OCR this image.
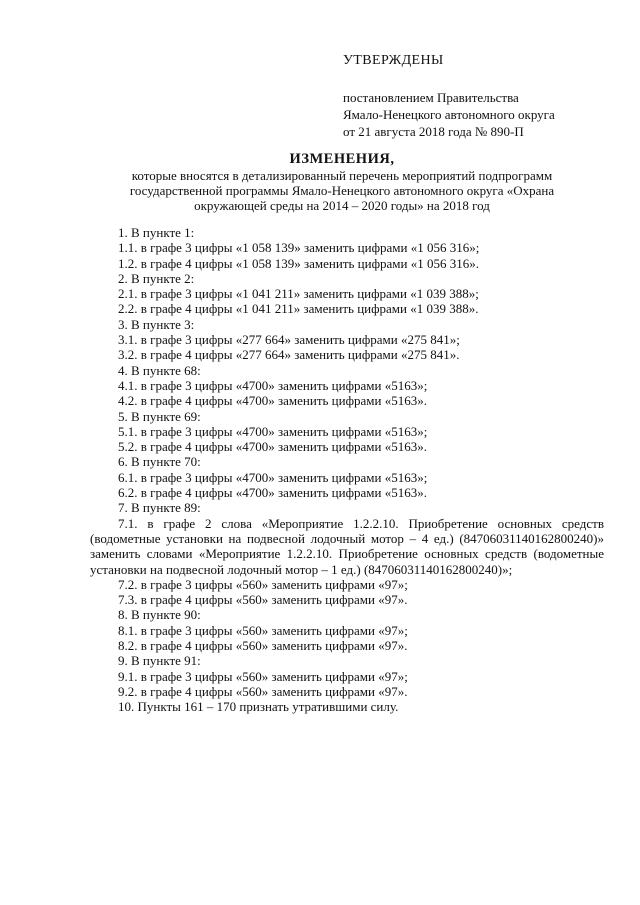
УТВЕРЖДЕНЫ
постановлением Правительства
Ямало-Ненецкого автономного округа
от 21 августа 2018 года № 890-П
ИЗМЕНЕНИЯ,
которые вносятся в детализированный перечень мероприятий подпрограмм
государственной программы Ямало-Ненецкого автономного округа «Охрана
окружающей среды на 2014 – 2020 годы» на 2018 год
1. В пункте 1:
1.1. в графе 3 цифры «1 058 139» заменить цифрами «1 056 316»;
1.2. в графе 4 цифры «1 058 139» заменить цифрами «1 056 316».
2. В пункте 2:
2.1. в графе 3 цифры «1 041 211» заменить цифрами «1 039 388»;
2.2. в графе 4 цифры «1 041 211» заменить цифрами «1 039 388».
3. В пункте 3:
3.1. в графе 3 цифры «277 664» заменить цифрами «275 841»;
3.2. в графе 4 цифры «277 664» заменить цифрами «275 841».
4. В пункте 68:
4.1. в графе 3 цифры «4700» заменить цифрами «5163»;
4.2. в графе 4 цифры «4700» заменить цифрами «5163».
5. В пункте 69:
5.1. в графе 3 цифры «4700» заменить цифрами «5163»;
5.2. в графе 4 цифры «4700» заменить цифрами «5163».
6. В пункте 70:
6.1. в графе 3 цифры «4700» заменить цифрами «5163»;
6.2. в графе 4 цифры «4700» заменить цифрами «5163».
7. В пункте 89:
7.1. в графе 2 слова «Мероприятие 1.2.2.10. Приобретение основных средств (водометные установки на подвесной лодочный мотор – 4 ед.) (84706031140162800240)» заменить словами «Мероприятие 1.2.2.10. Приобретение основных средств (водометные установки на подвесной лодочный мотор – 1 ед.) (84706031140162800240)»;
7.2. в графе 3 цифры «560» заменить цифрами «97»;
7.3. в графе 4 цифры «560» заменить цифрами «97».
8. В пункте 90:
8.1. в графе 3 цифры «560» заменить цифрами «97»;
8.2. в графе 4 цифры «560» заменить цифрами «97».
9. В пункте 91:
9.1. в графе 3 цифры «560» заменить цифрами «97»;
9.2. в графе 4 цифры «560» заменить цифрами «97».
10. Пункты 161 – 170 признать утратившими силу.
